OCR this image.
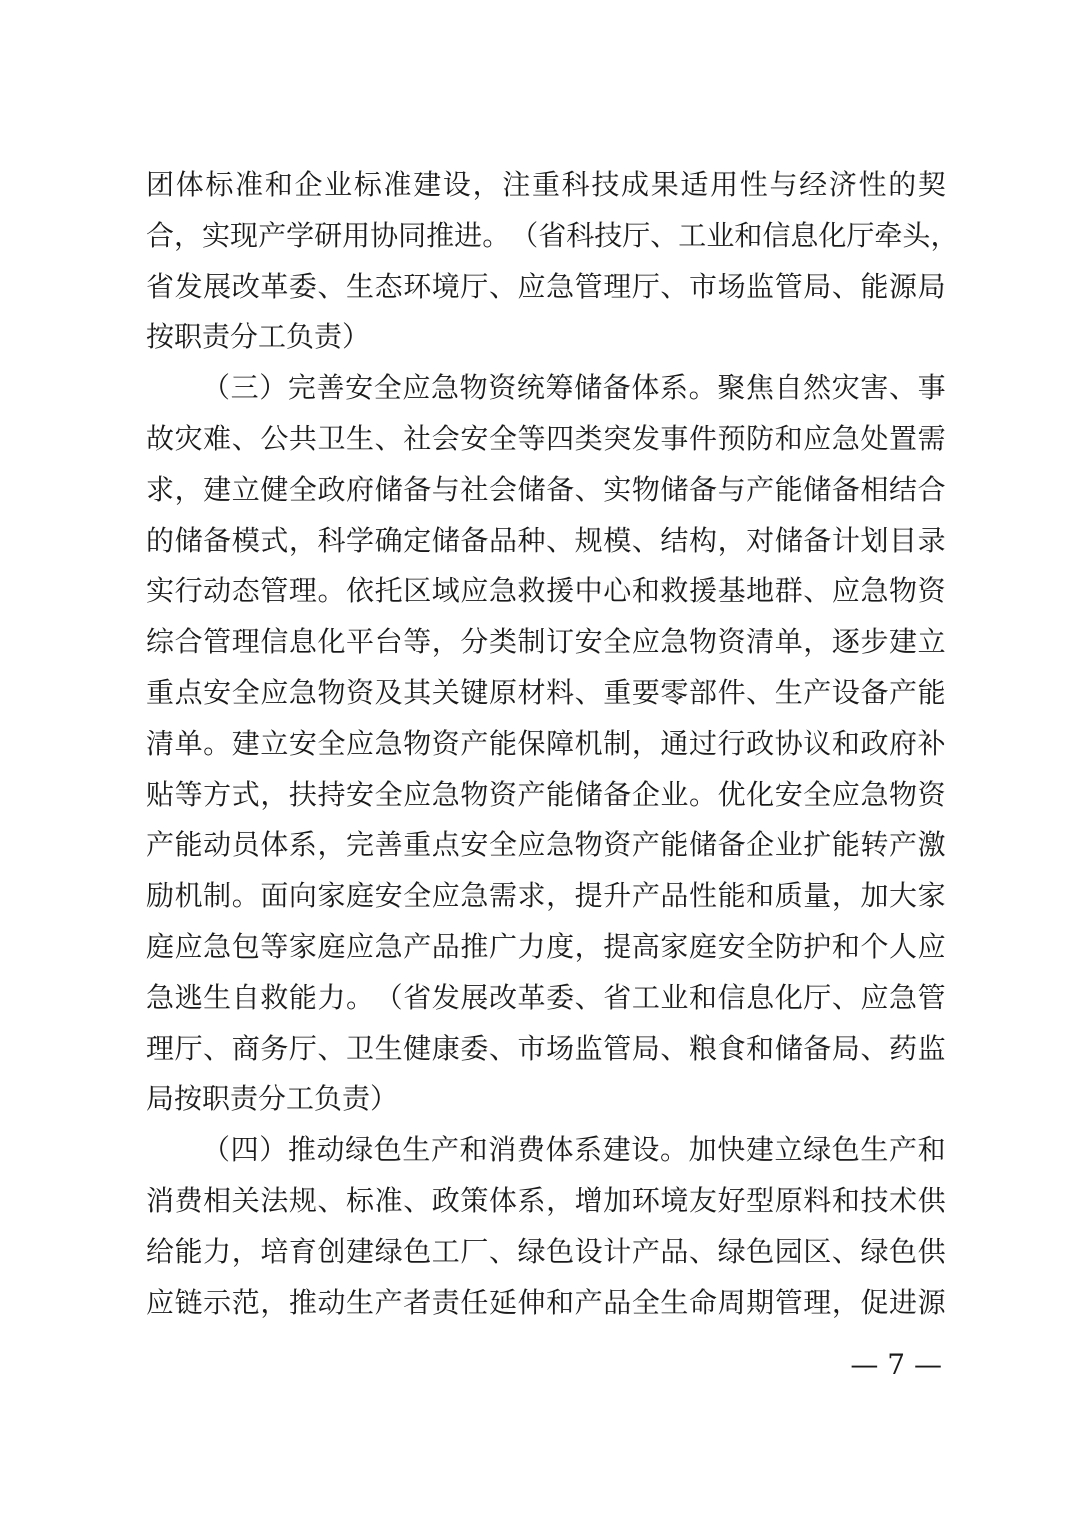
团 体 标 准 和 企 业 标 准 建 设 ， 注 重 科 技 成 果 适 用 性 与 经 济 性 的 契
合 ， 实 现 产 学 研 用 协 同 推 进 。 （ 省 科 技 厅 、 工 业 和 信 息 化 厅 牵 头 ，
省 发 展 改 革 委 、 生 态 环 境 厅 、 应 急 管 理 厅 、 市 场 监 管 局 、 能 源 局
按职责分工负责）
（ 三 ） 完 善 安 全 应 急 物 资 统 筹 储 备 体 系 。 聚 焦 自 然 灾 害 、 事
故 灾 难 、 公 共 卫 生 、 社 会 安 全 等 四 类 突 发 事 件 预 防 和 应 急 处 置 需
求 ， 建 立 健 全 政 府 储 备 与 社 会 储 备 、 实 物 储 备 与 产 能 储 备 相 结 合
的 储 备 模 式 ， 科 学 确 定 储 备 品 种 、 规 模 、 结 构 ， 对 储 备 计 划 目 录
实 行 动 态 管 理 。 依 托 区 域 应 急 救 援 中 心 和 救 援 基 地 群 、 应 急 物 资
综 合 管 理 信 息 化 平 台 等 ， 分 类 制 订 安 全 应 急 物 资 清 单 ， 逐 步 建 立
重 点 安 全 应 急 物 资 及 其 关 键 原 材 料 、 重 要 零 部 件 、 生 产 设 备 产 能
清 单 。 建 立 安 全 应 急 物 资 产 能 保 障 机 制 ， 通 过 行 政 协 议 和 政 府 补
贴 等 方 式 ， 扶 持 安 全 应 急 物 资 产 能 储 备 企 业 。 优 化 安 全 应 急 物 资
产 能 动 员 体 系 ， 完 善 重 点 安 全 应 急 物 资 产 能 储 备 企 业 扩 能 转 产 激
励 机 制 。 面 向 家 庭 安 全 应 急 需 求 ， 提 升 产 品 性 能 和 质 量 ， 加 大 家
庭 应 急 包 等 家 庭 应 急 产 品 推 广 力 度 ， 提 高 家 庭 安 全 防 护 和 个 人 应
急 逃 生 自 救 能 力 。 （ 省 发 展 改 革 委 、 省 工 业 和 信 息 化 厅 、 应 急 管
理 厅 、 商 务 厅 、 卫 生 健 康 委 、 市 场 监 管 局 、 粮 食 和 储 备 局 、 药 监
局按职责分工负责）
（ 四 ） 推 动 绿 色 生 产 和 消 费 体 系 建 设 。 加 快 建 立 绿 色 生 产 和
消 费 相 关 法 规 、 标 准 、 政 策 体 系 ， 增 加 环 境 友 好 型 原 料 和 技 术 供
给 能 力 ， 培 育 创 建 绿 色 工 厂 、 绿 色 设 计 产 品 、 绿 色 园 区 、 绿 色 供
应 链 示 范 ， 推 动 生 产 者 责 任 延 伸 和 产 品 全 生 命 周 期 管 理 ， 促 进 源
— 7 —
